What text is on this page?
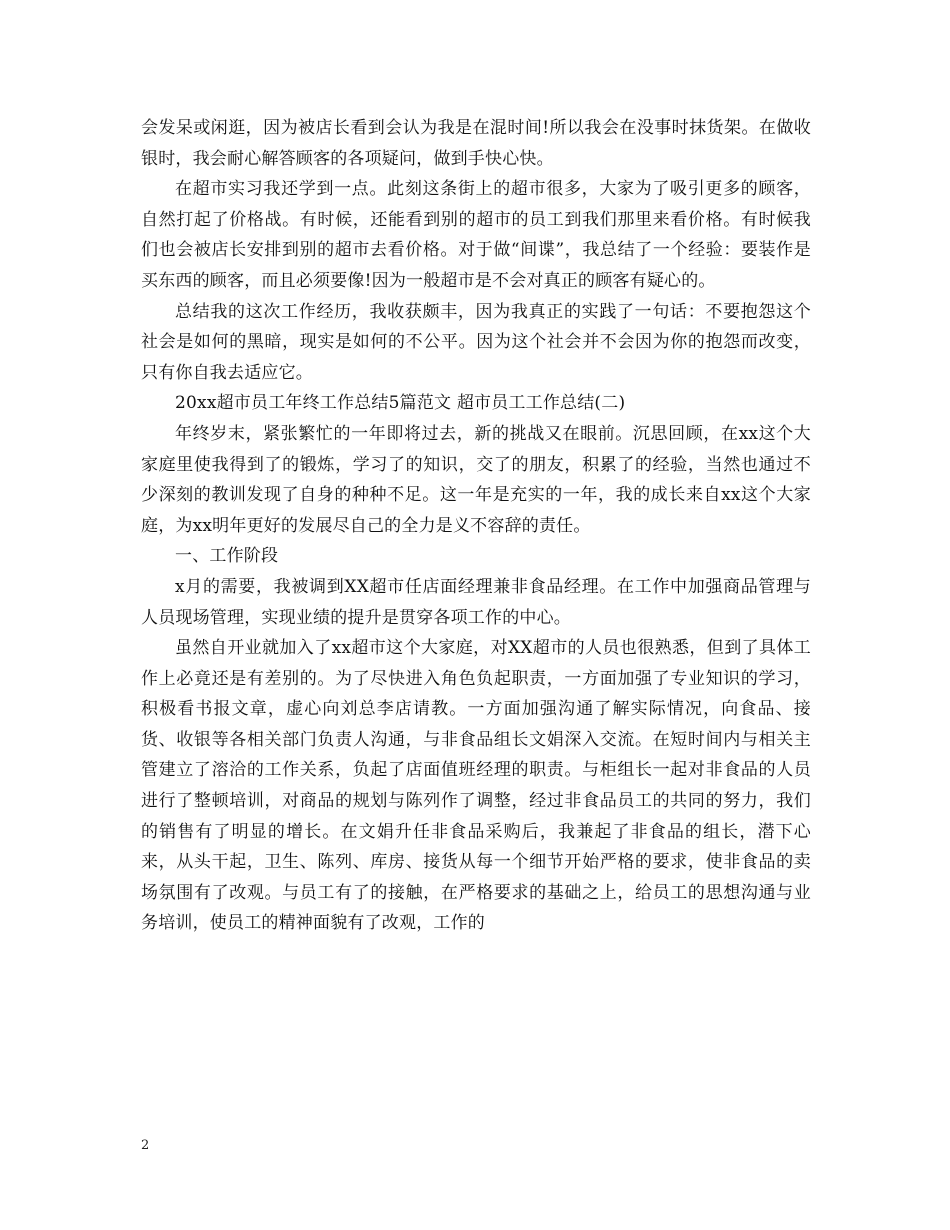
会发呆或闲逛，因为被店长看到会认为我是在混时间!所以我会在没事时抹货架。在做收银时，我会耐心解答顾客的各项疑问，做到手快心快。

在超市实习我还学到一点。此刻这条街上的超市很多，大家为了吸引更多的顾客，自然打起了价格战。有时候，还能看到别的超市的员工到我们那里来看价格。有时候我们也会被店长安排到别的超市去看价格。对于做“间谍”，我总结了一个经验：要装作是买东西的顾客，而且必须要像!因为一般超市是不会对真正的顾客有疑心的。

总结我的这次工作经历，我收获颇丰，因为我真正的实践了一句话：不要抱怨这个社会是如何的黑暗，现实是如何的不公平。因为这个社会并不会因为你的抱怨而改变，只有你自我去适应它。

20xx超市员工年终工作总结5篇范文 超市员工工作总结(二)

年终岁末，紧张繁忙的一年即将过去，新的挑战又在眼前。沉思回顾，在xx这个大家庭里使我得到了的锻炼，学习了的知识，交了的朋友，积累了的经验，当然也通过不少深刻的教训发现了自身的种种不足。这一年是充实的一年，我的成长来自xx这个大家庭，为xx明年更好的发展尽自己的全力是义不容辞的责任。

一、工作阶段

x月的需要，我被调到XX超市任店面经理兼非食品经理。在工作中加强商品管理与人员现场管理，实现业绩的提升是贯穿各项工作的中心。

虽然自开业就加入了xx超市这个大家庭，对XX超市的人员也很熟悉，但到了具体工作上必竟还是有差别的。为了尽快进入角色负起职责，一方面加强了专业知识的学习，积极看书报文章，虚心向刘总李店请教。一方面加强沟通了解实际情况，向食品、接货、收银等各相关部门负责人沟通，与非食品组长文娟深入交流。在短时间内与相关主管建立了溶洽的工作关系，负起了店面值班经理的职责。与柜组长一起对非食品的人员进行了整顿培训，对商品的规划与陈列作了调整，经过非食品员工的共同的努力，我们的销售有了明显的增长。在文娟升任非食品采购后，我兼起了非食品的组长，潜下心来，从头干起，卫生、陈列、库房、接货从每一个细节开始严格的要求，使非食品的卖场氛围有了改观。与员工有了的接触，在严格要求的基础之上，给员工的思想沟通与业务培训，使员工的精神面貌有了改观，工作的

2
